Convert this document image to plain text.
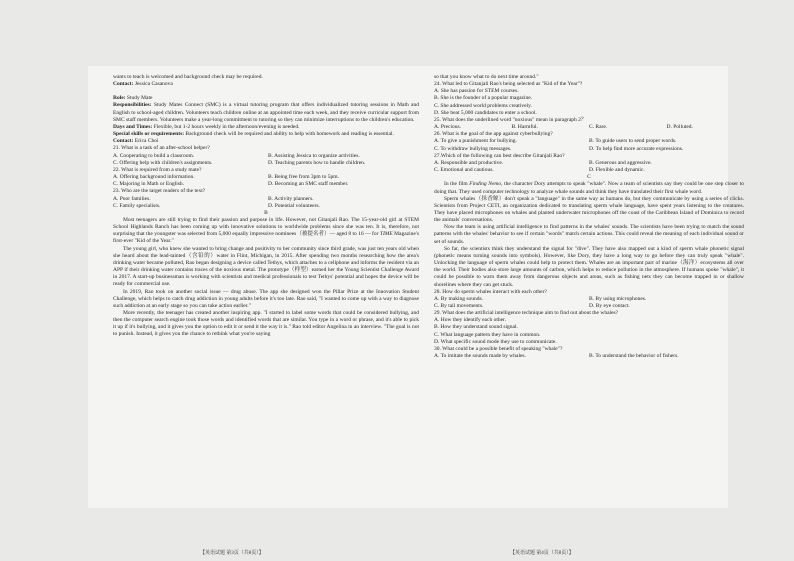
wants to teach is welcomed and background check may be required.

Contact: Jessica Casanova

Role: Study Mate

Responsibilities: Study Mates Connect (SMC) is a virtual tutoring program that offers individualized tutoring sessions in Math and English to school-aged children. Volunteers teach children online at an appointed time each week, and they receive curricular support from SMC staff members. Volunteers make a year-long commitment to tutoring so they can minimize interruptions to the children's education.

Days and Times: Flexible, but 1-2 hours weekly in the afternoon/evening is needed.

Special skills or requirements: Background check will be required and ability to help with homework and reading is essential.

Contact: Erica Choi

21. What is a task of an after-school helper?

A. Cooperating to build a classroom.	B. Assisting Jessica to organize activities.
C. Offering help with children's assignments.	D. Teaching parents how to handle children.

22. What is required from a study mate?

A. Offering background information.	B. Being free from 3pm to 5pm.
C. Majoring in Math or English.	D. Becoming an SMC staff member.

23. Who are the target readers of the text?

A. Poor families.	B. Activity planners.
C. Family specialists.	D. Potential volunteers.

B

Most teenagers are still trying to find their passion and purpose in life. However, not Gitanjali Rao. The 15-year-old girl at STEM School Highlands Ranch has been coming up with innovative solutions to worldwide problems since she was ten. It is, therefore, not surprising that the youngster was selected from 5,000 equally impressive nominees（被提名者）— aged 8 to 16 — for TIME Magazine's first-ever "Kid of the Year."

The young girl, who knew she wanted to bring change and positivity to her community since third grade, was just ten years old when she heard about the lead-tainted（含铅的）water in Flint, Michigan, in 2015. After spending two months researching how the area's drinking water became polluted, Rao began designing a device called Tethys, which attaches to a cellphone and informs the resident via an APP if their drinking water contains traces of the noxious metal. The prototype（样型）earned her the Young Scientist Challenge Award in 2017. A start-up businessman is working with scientists and medical professionals to test Tethys' potential and hopes the device will be ready for commercial use.

In 2019, Rao took on another social issue — drug abuse. The app she designed won the Pillar Prize at the Innovation Student Challenge, which helps to catch drug addiction in young adults before it's too late. Rao said, "I wanted to come up with a way to diagnose such addiction at an early stage so you can take action earlier."

More recently, the teenager has created another inspiring app. "I started to label some words that could be considered bullying, and then the computer search engine took those words and identified words that are similar. You type in a word or phrase, and it's able to pick it up if it's bullying, and it gives you the option to edit it or send it the way it is." Rao told editor Angelina in an interview. "The goal is not to punish. Instead, it gives you the chance to rethink what you're saying

so that you know what to do next time around."

24. What led to Gitanjali Rao's being selected as "Kid of the Year"?

A. She has passion for STEM courses.

B. She is the founder of a popular magazine.

C. She addressed world problems creatively.

D. She beat 5,000 candidates to enter a school.

25. What does the underlined word "noxious" mean in paragraph 2？

A. Precious.	B. Harmful.	C. Rare.	D. Polluted.

26. What is the goal of the app against cyberbullying?

A. To give a punishment for bullying.	B. To guide users to send proper words.
C. To withdraw bullying messages.	D. To help find more accurate expressions.

27.Which of the following can best describe Gitanjali Rao?

A. Responsible and productive.	B. Generous and aggressive.
C. Emotional and cautious.	D. Flexible and dynamic.

C

In the film Finding Nemo, the character Dory attempts to speak "whale". Now a team of scientists say they could be one step closer to doing that. They used computer technology to analyze whale sounds and think they have translated their first whale word.

Sperm whales（抹香鲸）don't speak a "language" in the same way as humans do, but they communicate by using a series of clicks. Scientists from Project CETI, an organization dedicated to translating sperm whale language, have spent years listening to the creatures. They have placed microphones on whales and planted underwater microphones off the coast of the Caribbean Island of Dominica to record the animals' conversations.

Now the team is using artificial intelligence to find patterns in the whales' sounds. The scientists have been trying to match the sound patterns with the whales' behavior to see if certain "words" match certain actions. This could reveal the meaning of each individual sound or set of sounds.

So far, the scientists think they understand the signal for "dive". They have also mapped out a kind of sperm whale phonetic signal (phonetic means turning sounds into symbols). However, like Dory, they have a long way to go before they can truly speak "whale". Unlocking the language of sperm whales could help to protect them. Whales are an important part of marine（海洋）ecosystems all over the world. Their bodies also store large amounts of carbon, which helps to reduce pollution in the atmosphere. If humans spoke "whale", it could be possible to warn them away from dangerous objects and areas, such as fishing nets they can become trapped in or shallow shorelines where they can get stuck.

28. How do sperm whales interact with each other?

A. By making sounds.	B. By using microphones.
C. By tail movements.	D. By eye contact.

29. What does the artificial intelligence technique aim to find out about the whales?

A. How they identify each other.

B. How they understand sound signal.

C. What language pattern they have in common.

D. What specific sound mode they use to communicate.

30. What could be a possible benefit of speaking "whale"?

A. To imitate the sounds made by whales.	B. To understand the behavior of fishers.
【英语试题 第3页（共8页）】	【英语试题 第4页（共8页）】
